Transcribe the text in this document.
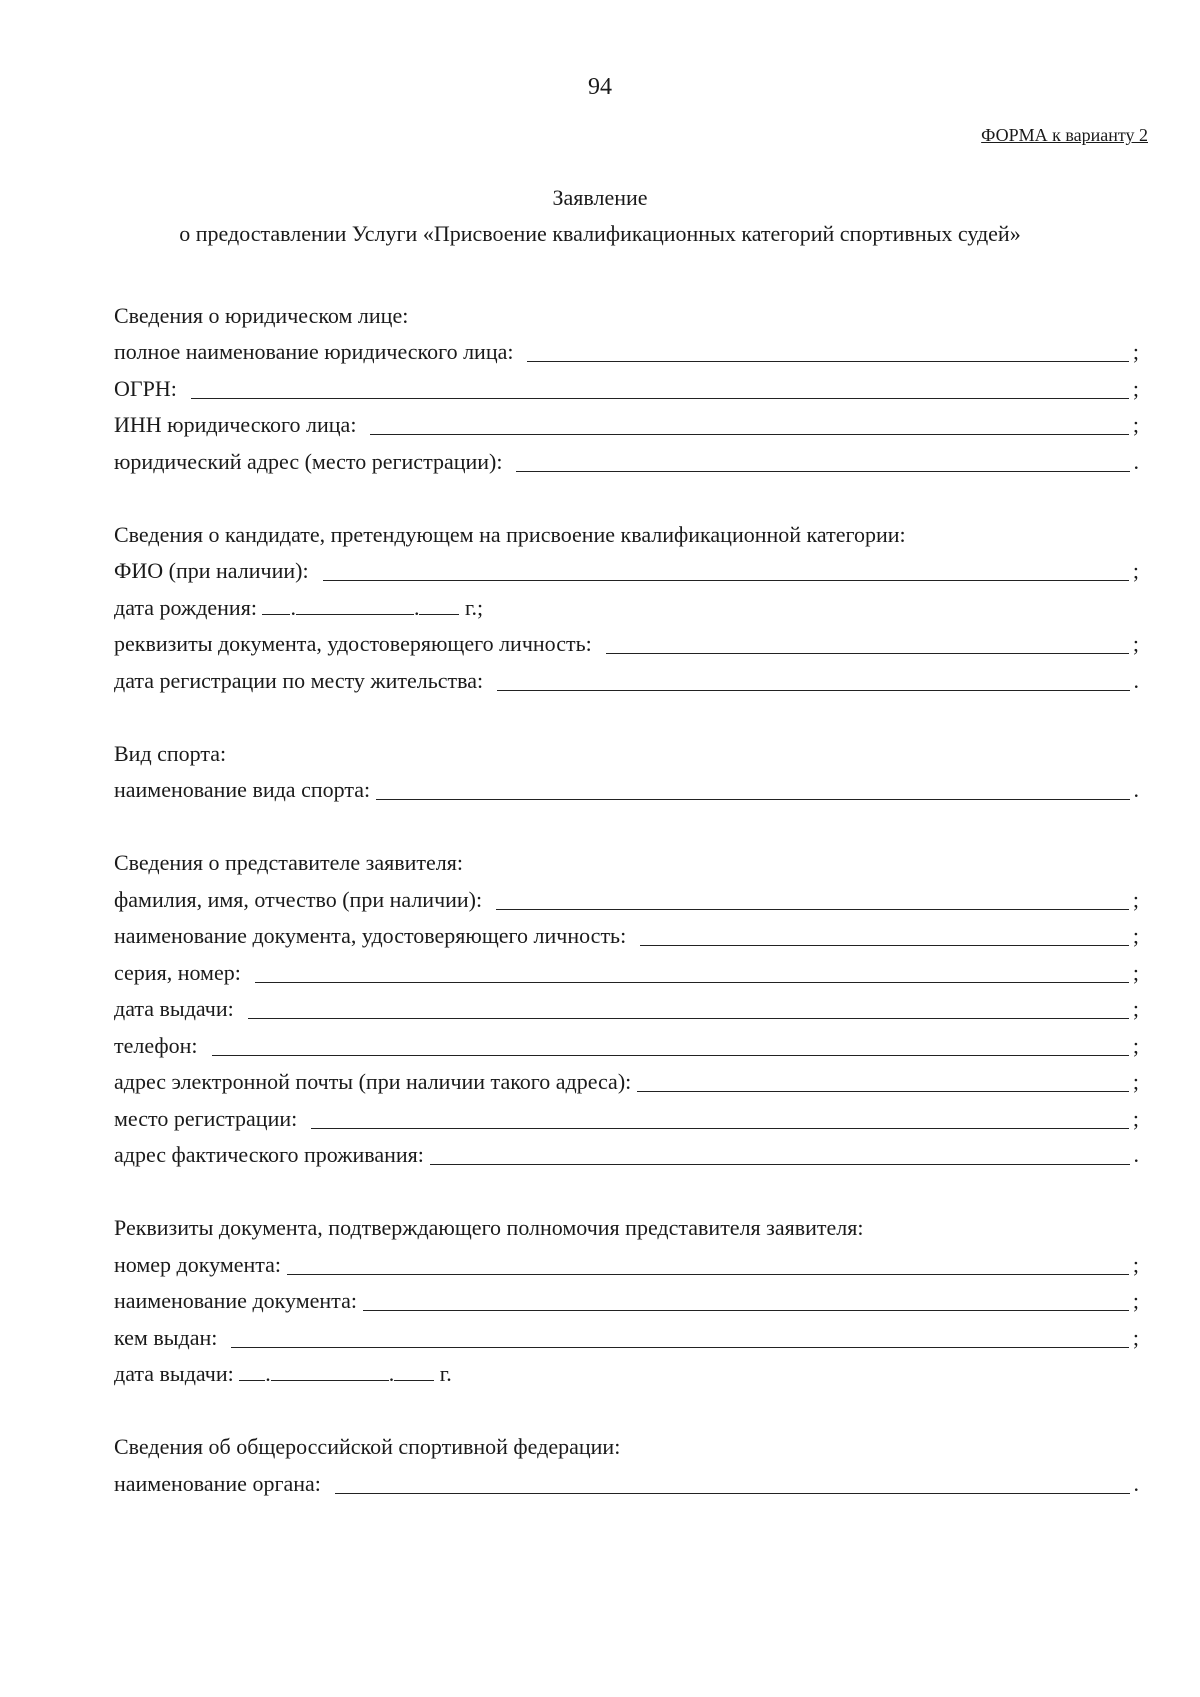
94
ФОРМА к варианту 2
Заявление
о предоставлении Услуги «Присвоение квалификационных категорий спортивных судей»
Сведения о юридическом лице:
полное наименование юридического лица:	;
ОГРН:	;
ИНН юридического лица:	;
юридический адрес (место регистрации):	.
Сведения о кандидате, претендующем на присвоение квалификационной категории:
ФИО (при наличии):	;
дата рождения:	.	.	г.;
реквизиты документа, удостоверяющего личность:	;
дата регистрации по месту жительства:	.
Вид спорта:
наименование вида спорта:	.
Сведения о представителе заявителя:
фамилия, имя, отчество (при наличии):	;
наименование документа, удостоверяющего личность:	;
серия, номер:	;
дата выдачи:	;
телефон:	;
адрес электронной почты (при наличии такого адреса):	;
место регистрации:	;
адрес фактического проживания:	.
Реквизиты документа, подтверждающего полномочия представителя заявителя:
номер документа:	;
наименование документа:	;
кем выдан:	;
дата выдачи:	.	.	г.
Сведения об общероссийской спортивной федерации:
наименование органа:	.
